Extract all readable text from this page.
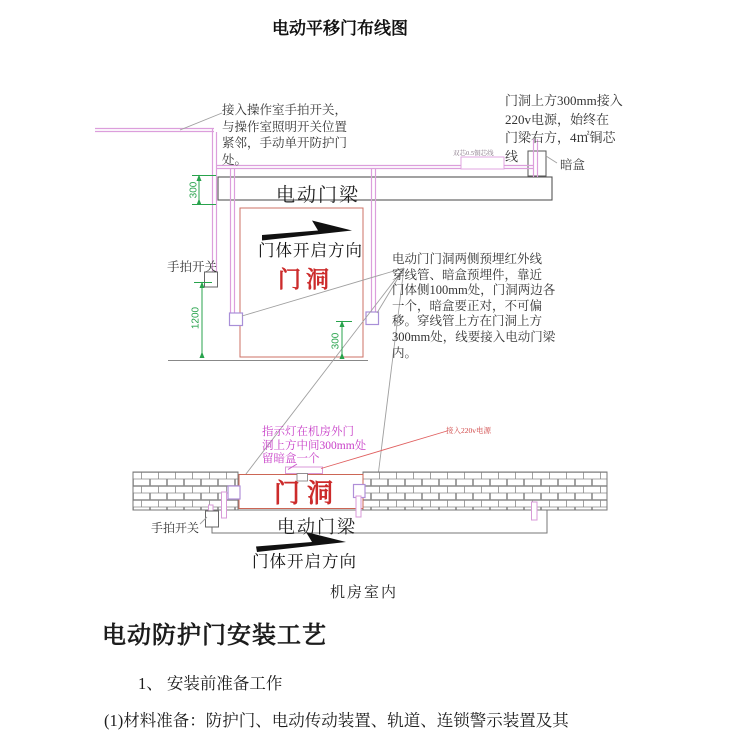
电动平移门布线图
接入操作室手拍开关，
与操作室照明开关位置
紧邻，手动单开防护门
处。
门洞上方300mm接入
220v电源，始终在
门梁右方，4㎡铜芯
线
双芯0.5铜芯线
暗盒
电动门梁
门体开启方向
门洞
手拍开关
电动门门洞两侧预埋红外线
穿线管、暗盒预埋件，靠近
门体侧100mm处，门洞两边各
一个，暗盒要正对，不可偏
移。穿线管上方在门洞上方
300mm处，线要接入电动门梁
内。
300
1200
300
指示灯在机房外门
洞上方中间300mm处
留暗盒一个
接入220v电源
门洞
电动门梁
手拍开关
门体开启方向
机房室内
电动防护门安装工艺
1、 安装前准备工作
(1)材料准备：防护门、电动传动装置、轨道、连锁警示装置及其
